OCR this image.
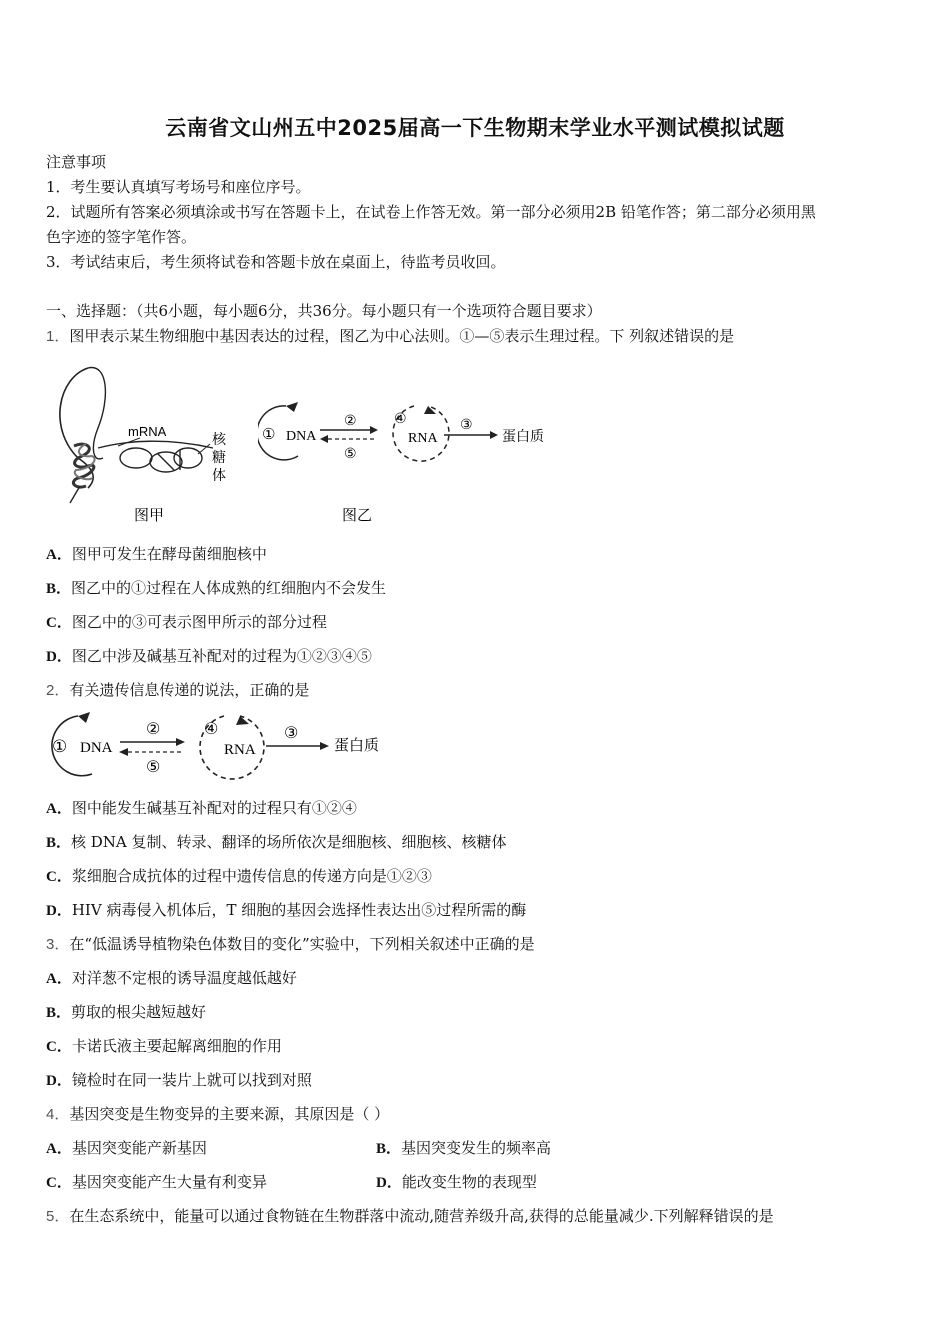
云南省文山州五中2025届高一下生物期末学业水平测试模拟试题
注意事项
1．考生要认真填写考场号和座位序号。
2．试题所有答案必须填涂或书写在答题卡上，在试卷上作答无效。第一部分必须用2B 铅笔作答；第二部分必须用黑
色字迹的签字笔作答。
3．考试结束后，考生须将试卷和答题卡放在桌面上，待监考员收回。
一、选择题：（共6小题，每小题6分，共36分。每小题只有一个选项符合题目要求）
1．图甲表示某生物细胞中基因表达的过程，图乙为中心法则。①—⑤表示生理过程。下 列叙述错误的是
mRNA
核
糖
体
图甲
① DNA
②
⑤
④
RNA
③
蛋白质
图乙
A．图甲可发生在酵母菌细胞核中
B．图乙中的①过程在人体成熟的红细胞内不会发生
C．图乙中的③可表示图甲所示的部分过程
D．图乙中涉及碱基互补配对的过程为①②③④⑤
2．有关遗传信息传递的说法，正确的是
① DNA
②
⑤
④
RNA
③
蛋白质
A．图中能发生碱基互补配对的过程只有①②④
B．核 DNA 复制、转录、翻译的场所依次是细胞核、细胞核、核糖体
C．浆细胞合成抗体的过程中遗传信息的传递方向是①②③
D．HIV 病毒侵入机体后，T 细胞的基因会选择性表达出⑤过程所需的酶
3．在“低温诱导植物染色体数目的变化”实验中，下列相关叙述中正确的是
A．对洋葱不定根的诱导温度越低越好
B．剪取的根尖越短越好
C．卡诺氏液主要起解离细胞的作用
D．镜检时在同一装片上就可以找到对照
4．基因突变是生物变异的主要来源，其原因是（ ）
A．基因突变能产新基因	B．基因突变发生的频率高
C．基因突变能产生大量有利变异	D．能改变生物的表现型
5．在生态系统中，能量可以通过食物链在生物群落中流动,随营养级升高,获得的总能量减少.下列解释错误的是
